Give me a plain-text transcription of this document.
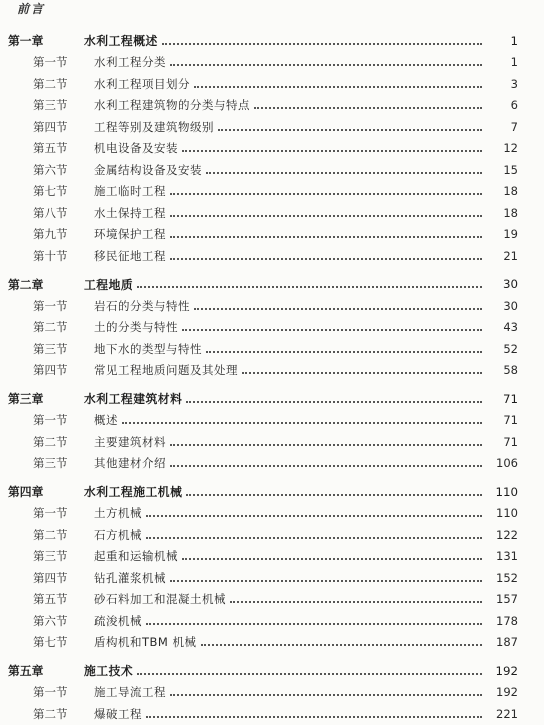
前言
第一章	水利工程概述	1
第一节	水利工程分类	1
第二节	水利工程项目划分	3
第三节	水利工程建筑物的分类与特点	6
第四节	工程等别及建筑物级别	7
第五节	机电设备及安装	12
第六节	金属结构设备及安装	15
第七节	施工临时工程	18
第八节	水土保持工程	18
第九节	环境保护工程	19
第十节	移民征地工程	21
第二章	工程地质	30
第一节	岩石的分类与特性	30
第二节	土的分类与特性	43
第三节	地下水的类型与特性	52
第四节	常见工程地质问题及其处理	58
第三章	水利工程建筑材料	71
第一节	概述	71
第二节	主要建筑材料	71
第三节	其他建材介绍	106
第四章	水利工程施工机械	110
第一节	土方机械	110
第二节	石方机械	122
第三节	起重和运输机械	131
第四节	钻孔灌浆机械	152
第五节	砂石料加工和混凝土机械	157
第六节	疏浚机械	178
第七节	盾构机和TBM 机械	187
第五章	施工技术	192
第一节	施工导流工程	192
第二节	爆破工程	221
